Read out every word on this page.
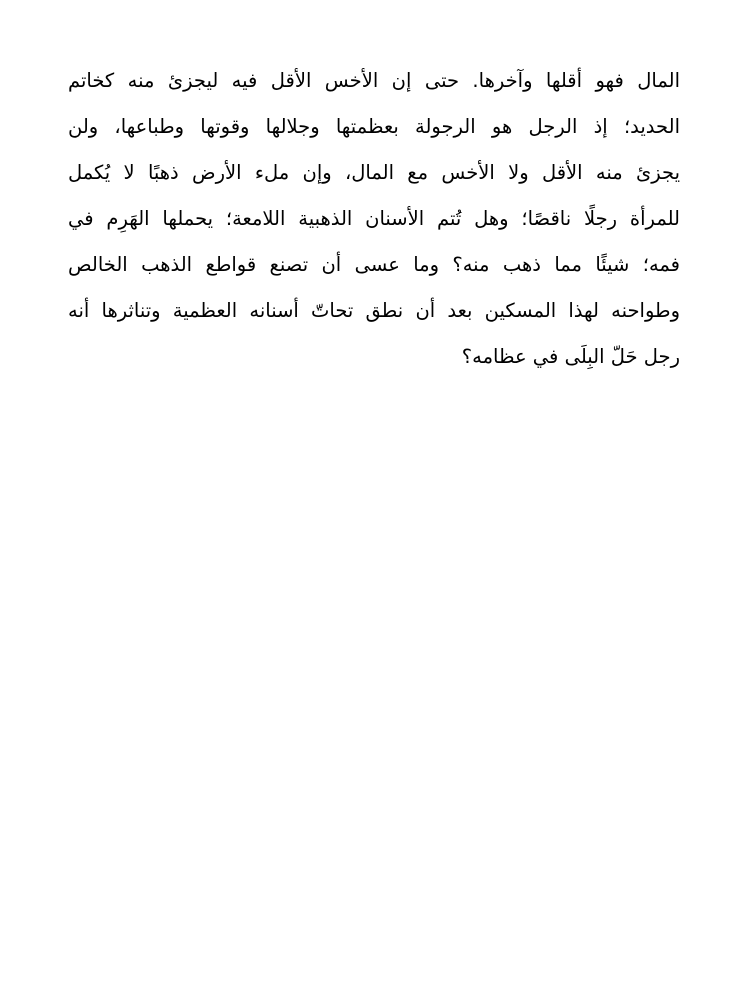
المال فهو أقلها وآخرها. حتى إن الأخس الأقل فيه ليجزئ منه كخاتم
الحديد؛ إذ الرجل هو الرجولة بعظمتها وجلالها وقوتها وطباعها، ولن
يجزئ منه الأقل ولا الأخس مع المال، وإن ملء الأرض ذهبًا لا يُكمل
للمرأة رجلًا ناقصًا؛ وهل تُتم الأسنان الذهبية اللامعة؛ يحملها الهَرِم في
فمه؛ شيئًا مما ذهب منه؟ وما عسى أن تصنع قواطع الذهب الخالص
وطواحنه لهذا المسكين بعد أن نطق تحاتّ أسنانه العظمية وتناثرها أنه
رجل حَلّ البِلَى في عظامه؟
